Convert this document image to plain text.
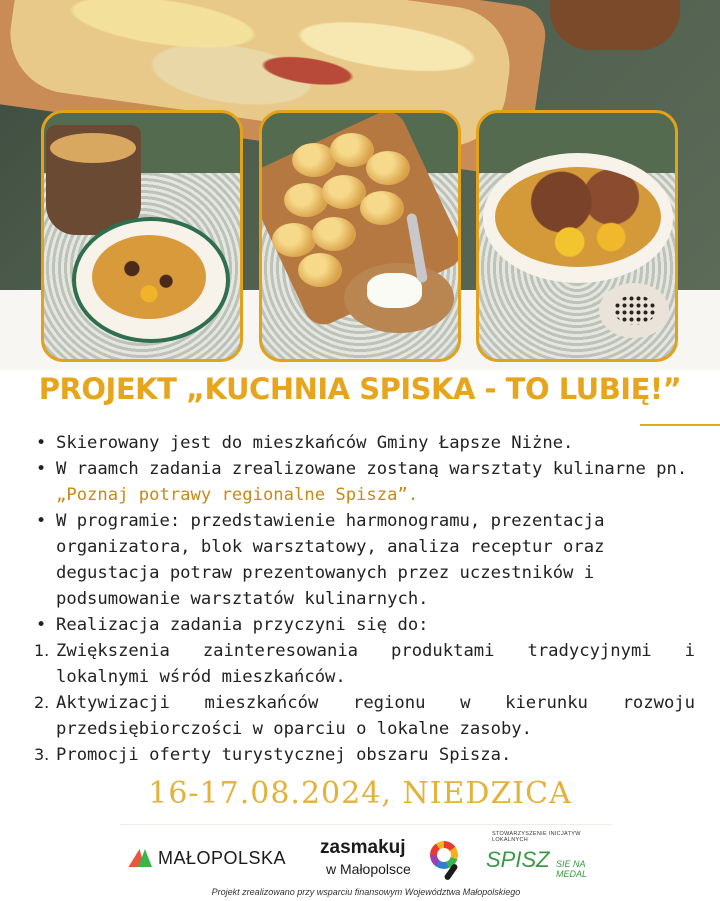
PROJEKT „KUCHNIA SPISKA - TO LUBIĘ!”
• Skierowany jest do mieszkańców Gminy Łapsze Niżne.
• W raamch zadania zrealizowane zostaną warsztaty kulinarne pn. „Poznaj potrawy regionalne Spisza”.
• W programie: przedstawienie harmonogramu, prezentacja organizatora, blok warsztatowy, analiza receptur oraz degustacja potraw prezentowanych przez uczestników i podsumowanie warsztatów kulinarnych.
• Realizacja zadania przyczyni się do:
1. Zwiększenia zainteresowania produktami tradycyjnymi i lokalnymi wśród mieszkańców.
2. Aktywizacji mieszkańców regionu w kierunku rozwoju przedsiębiorczości w oparciu o lokalne zasoby.
3. Promocji oferty turystycznej obszaru Spisza.

16-17.08.2024, NIEDZICA

MAŁOPOLSKA zasmakuj
w Małopolsce
STOWARZYSZENIE INICJATYW LOKALNYCH
SPISZ SIE NA MEDAL
Projekt zrealizowano przy wsparciu finansowym Województwa Małopolskiego
